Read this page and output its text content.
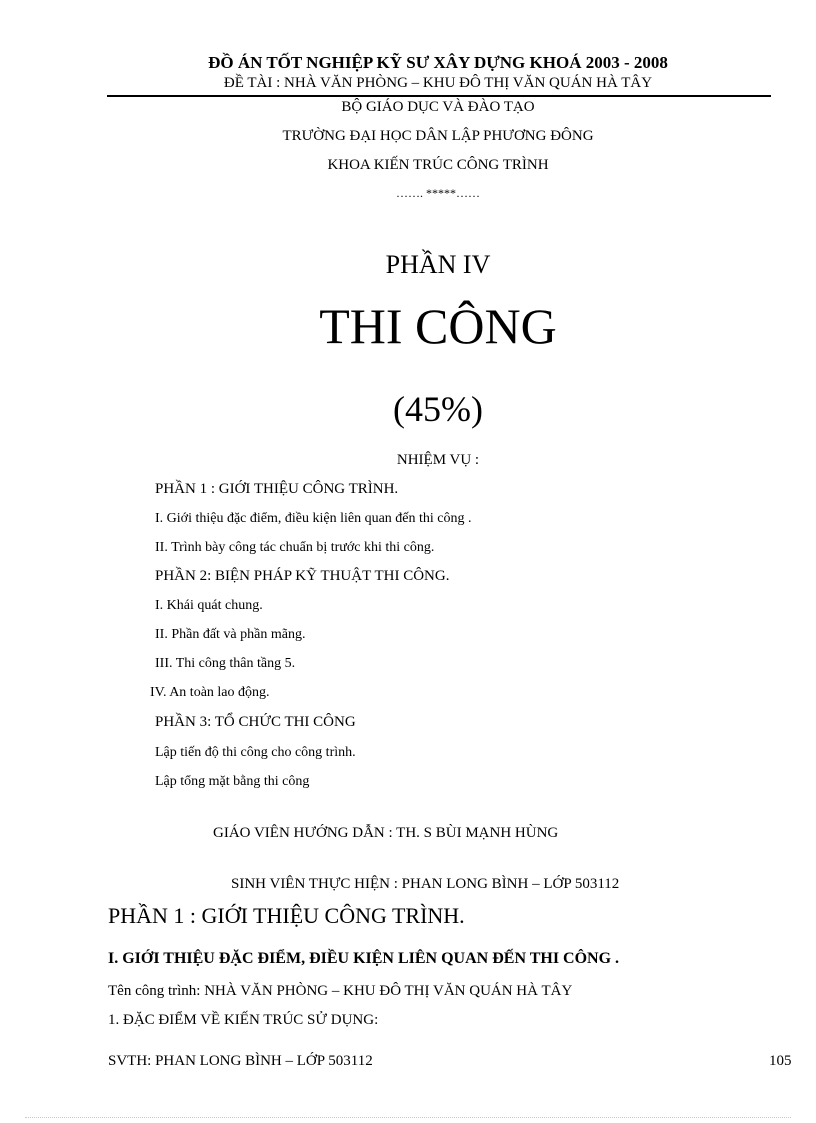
ĐỒ ÁN TỐT NGHIỆP KỸ SƯ XÂY DỰNG KHOÁ 2003 - 2008
ĐỀ TÀI : NHÀ VĂN PHÒNG – KHU ĐÔ THỊ VĂN QUÁN HÀ TÂY
BỘ GIÁO DỤC VÀ ĐÀO TẠO
TRƯỜNG ĐẠI HỌC DÂN LẬP PHƯƠNG ĐÔNG
KHOA KIẾN TRÚC CÔNG TRÌNH
……. *****……
PHẦN IV
THI CÔNG
(45%)
NHIỆM VỤ :
PHẦN 1 : GIỚI THIỆU CÔNG TRÌNH.
I. Giới thiệu đặc điểm, điều kiện liên quan đến thi công .
II. Trình bày công tác chuẩn bị trước khi thi công.
PHẦN 2: BIỆN PHÁP KỸ THUẬT THI CÔNG.
I. Khái quát chung.
II. Phần đất và phần mãng.
III. Thi công thân tầng 5.
IV. An toàn lao động.
PHẦN 3: TỔ CHỨC THI CÔNG
Lập tiến độ thi công cho công trình.
Lập tổng mặt bằng thi công
GIÁO VIÊN HƯỚNG DẪN : TH. S BÙI MẠNH HÙNG
SINH VIÊN THỰC HIỆN : PHAN LONG BÌNH – LỚP 503112
PHẦN 1 : GIỚI THIỆU CÔNG TRÌNH.
I. GIỚI THIỆU ĐẶC ĐIỂM, ĐIỀU KIỆN LIÊN QUAN ĐẾN THI CÔNG .
Tên công trình: NHÀ VĂN PHÒNG – KHU ĐÔ THỊ VĂN QUÁN HÀ TÂY
1. ĐẶC ĐIỂM VỀ KIẾN TRÚC SỬ DỤNG:
SVTH: PHAN LONG BÌNH – LỚP 503112	105
